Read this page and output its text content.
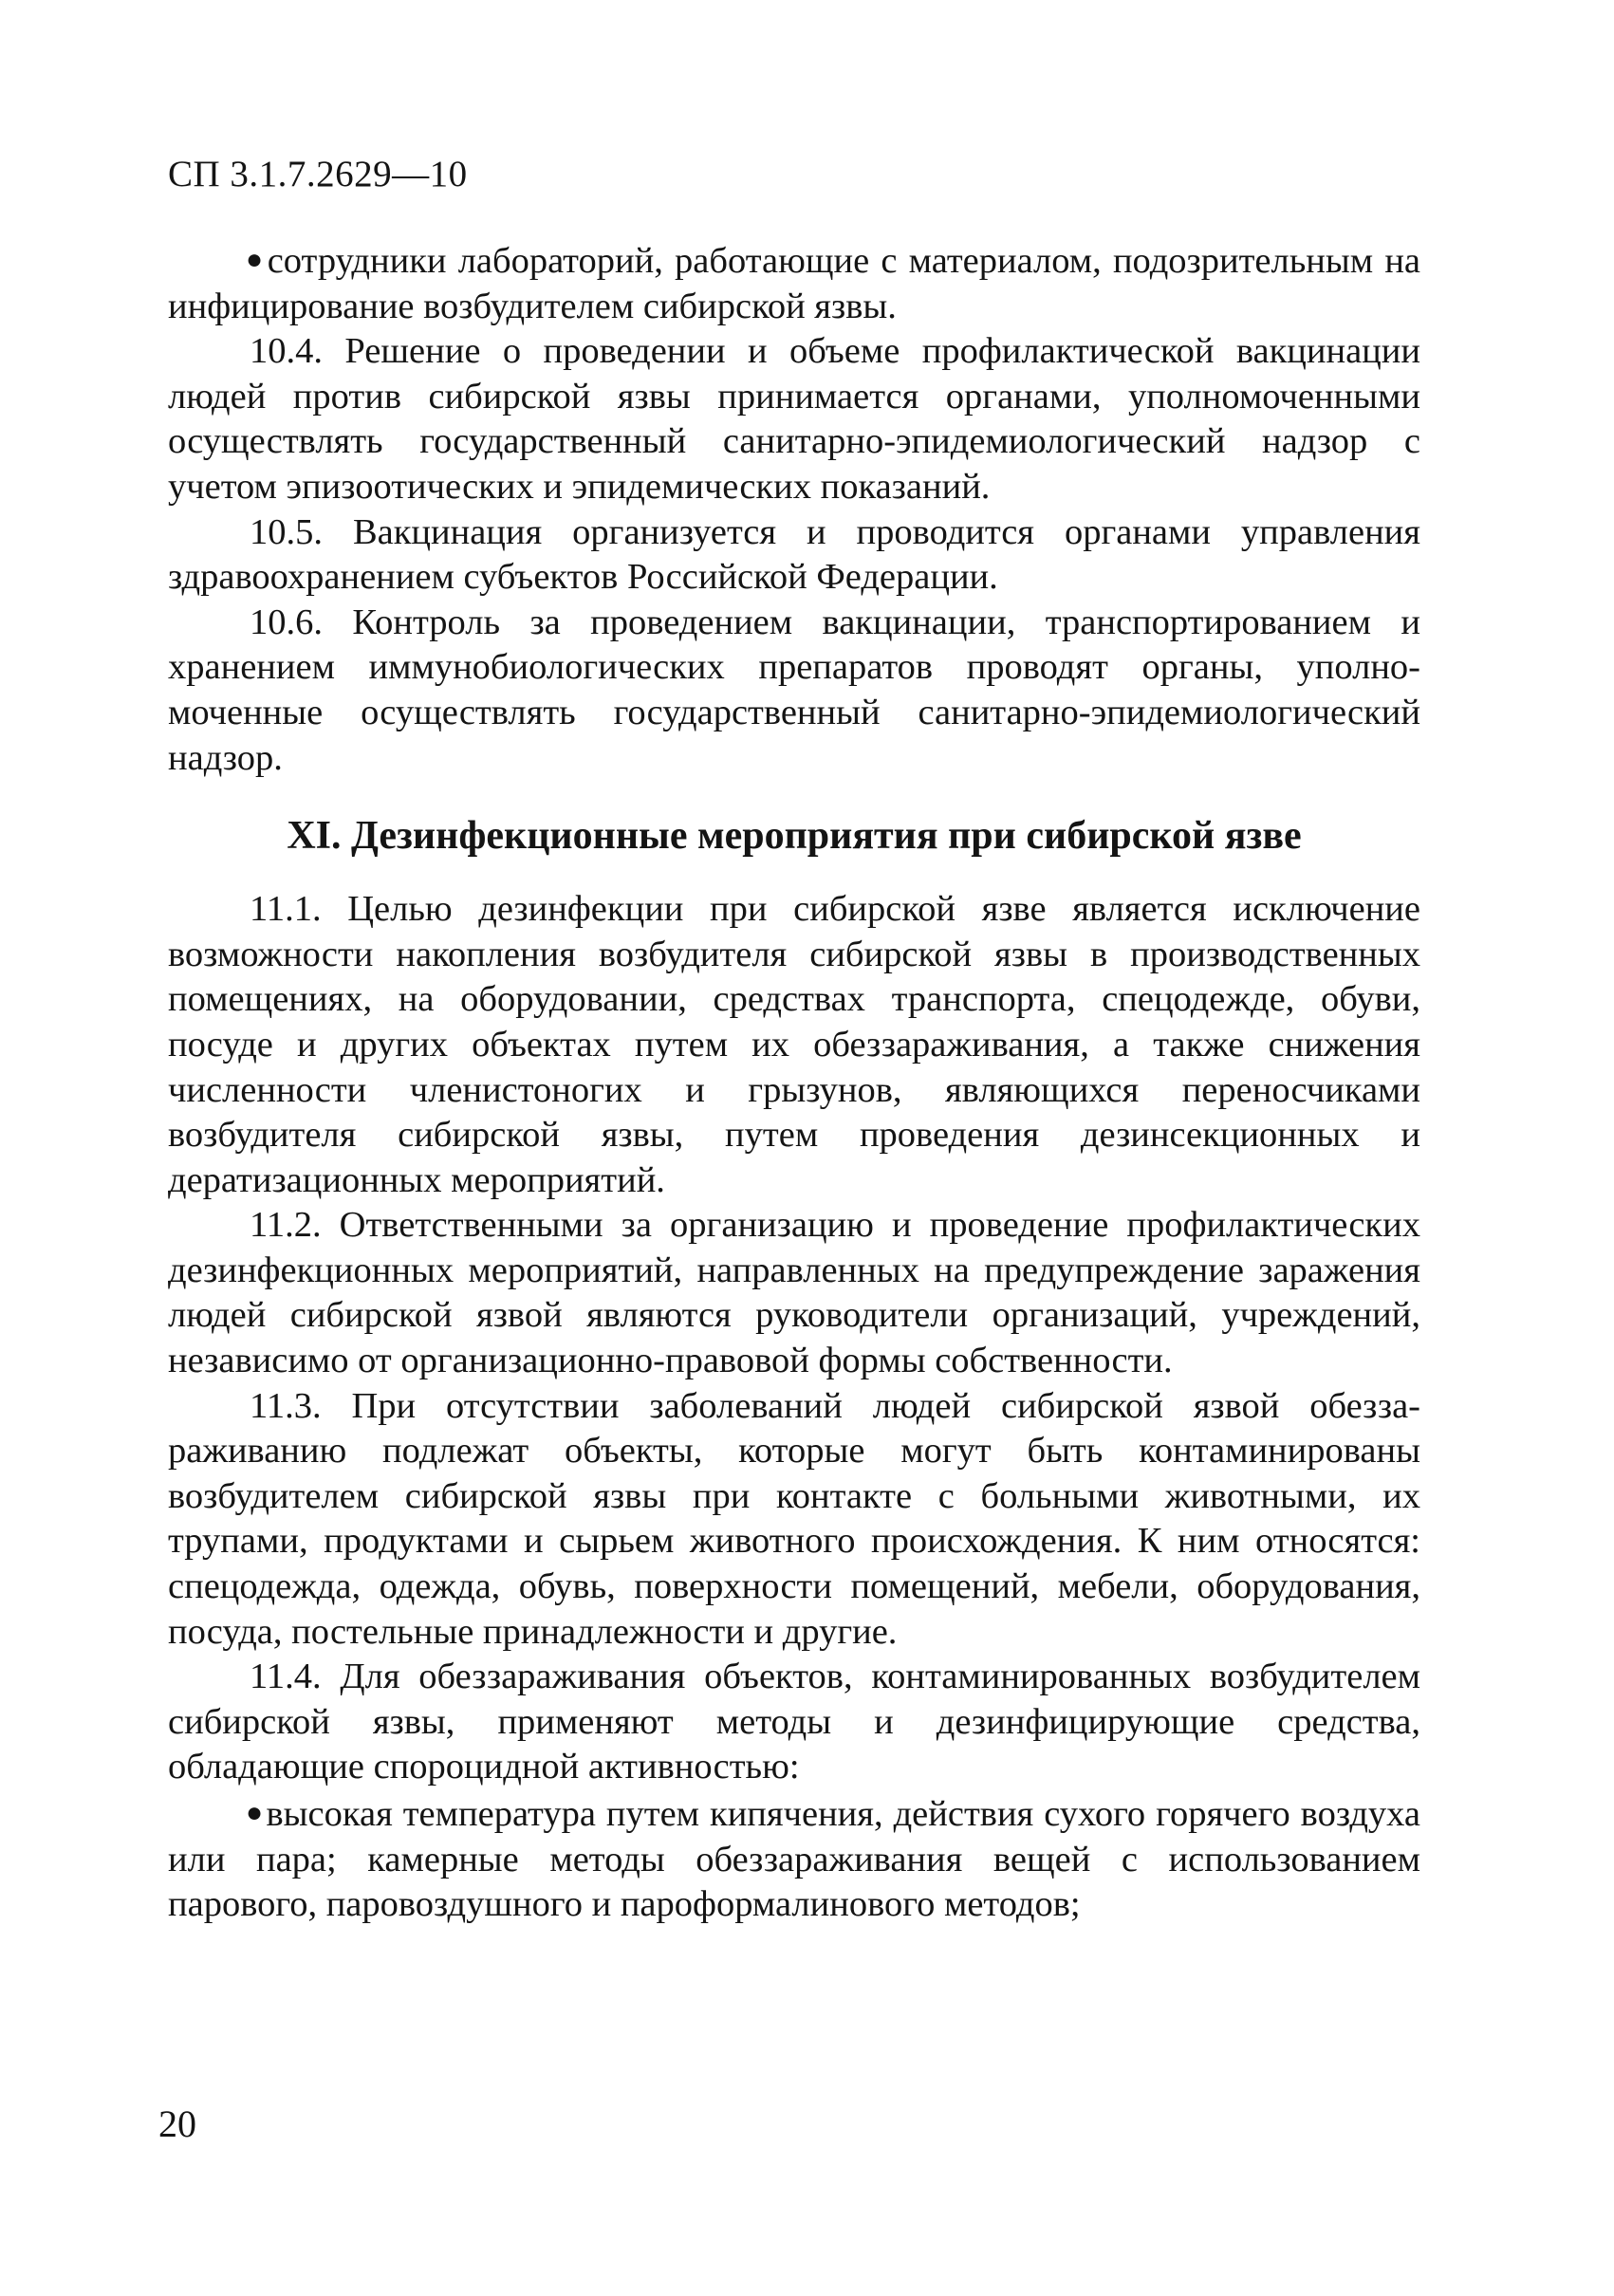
СП 3.1.7.2629—10

●сотрудники лабораторий, работающие с материалом, подозрительным на инфицирование возбудителем сибирской язвы.

10.4. Решение о проведении и объеме профилактической вакцинации людей против сибирской язвы принимается органами, уполномоченными осуществлять государственный санитарно-эпидемиологический надзор с учетом эпизоотических и эпидемических показаний.

10.5. Вакцинация организуется и проводится органами управления здравоохранением субъектов Российской Федерации.

10.6. Контроль за проведением вакцинации, транспортированием и хранением иммунобиологических препаратов проводят органы, уполномоченные осуществлять государственный санитарно-эпидемиологический надзор.

XI. Дезинфекционные мероприятия при сибирской язве

11.1. Целью дезинфекции при сибирской язве является исключение возможности накопления возбудителя сибирской язвы в производственных помещениях, на оборудовании, средствах транспорта, спецодежде, обуви, посуде и других объектах путем их обеззараживания, а также снижения численности членистоногих и грызунов, являющихся переносчиками возбудителя сибирской язвы, путем проведения дезинсекционных и дератизационных мероприятий.

11.2. Ответственными за организацию и проведение профилактических дезинфекционных мероприятий, направленных на предупреждение заражения людей сибирской язвой являются руководители организаций, учреждений, независимо от организационно-правовой формы собственности.

11.3. При отсутствии заболеваний людей сибирской язвой обеззараживанию подлежат объекты, которые могут быть контаминированы возбудителем сибирской язвы при контакте с больными животными, их трупами, продуктами и сырьем животного происхождения. К ним относятся: спецодежда, одежда, обувь, поверхности помещений, мебели, оборудования, посуда, постельные принадлежности и другие.

11.4. Для обеззараживания объектов, контаминированных возбудителем сибирской язвы, применяют методы и дезинфицирующие средства, обладающие спороцидной активностью:

●высокая температура путем кипячения, действия сухого горячего воздуха или пара; камерные методы обеззараживания вещей с использованием парового, паровоздушного и пароформалинового методов;

20
